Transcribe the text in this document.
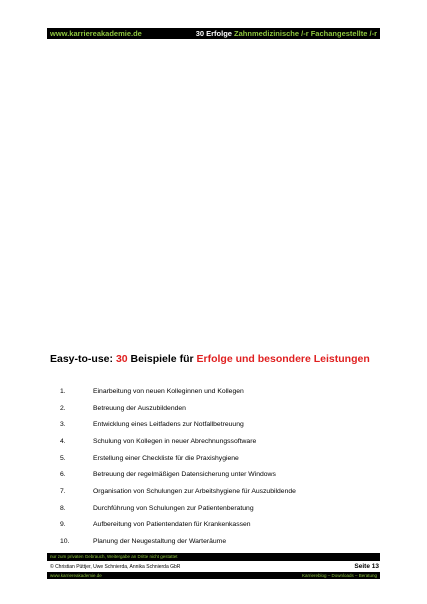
www.karriereakademie.de	30 Erfolge Zahnmedizinische /-r Fachangestellte /-r
Easy-to-use: 30 Beispiele für Erfolge und besondere Leistungen
1.	Einarbeitung von neuen Kolleginnen und Kollegen
2.	Betreuung der Auszubildenden
3.	Entwicklung eines Leitfadens zur Notfallbetreuung
4.	Schulung von Kollegen in neuer Abrechnungssoftware
5.	Erstellung einer Checkliste für die Praxishygiene
6.	Betreuung der regelmäßigen Datensicherung unter Windows
7.	Organisation von Schulungen zur Arbeitshygiene für Auszubildende
8.	Durchführung von Schulungen zur Patientenberatung
9.	Aufbereitung von Patientendaten für Krankenkassen
10.	Planung der Neugestaltung der Warteräume
nur zum privaten Gebrauch, Weitergabe an Dritte nicht gestattet
© Christian Püttjer, Uwe Schnierda, Annika Schnierda GbR	Seite 13
www.karriereakademie.de	Karriereblog – Downloads – Beratung
